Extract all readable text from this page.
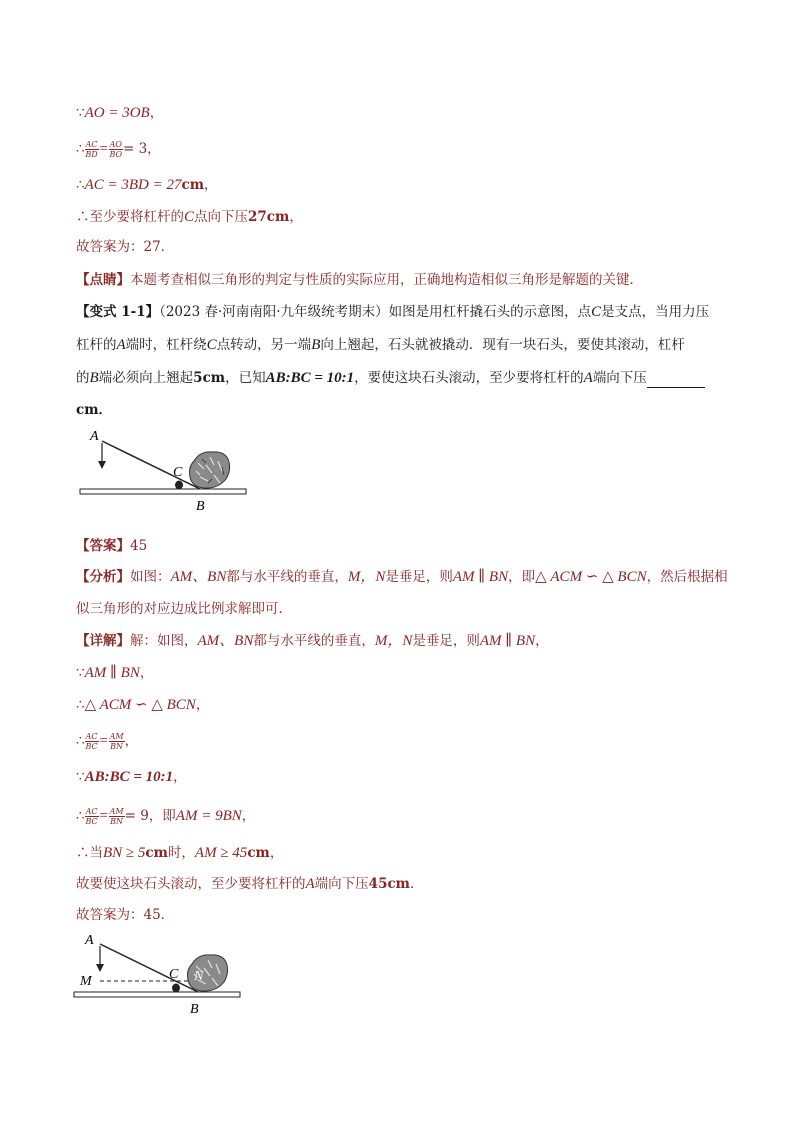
∵AO = 3OB，
∴ $\frac{AC}{BD} = \frac{AO}{BO} = 3$，
∴AC = 3BD = 27cm，
∴至少要将杠杆的C点向下压27cm，
故答案为：27．
【点睛】本题考查相似三角形的判定与性质的实际应用，正确地构造相似三角形是解题的关键．
【变式 1-1】（2023 春·河南南阳·九年级统考期末）如图是用杠杆撬石头的示意图，点C是支点，当用力压
杠杆的A端时，杠杆绕C点转动，另一端B向上翘起，石头就被撬动．现有一块石头，要使其滚动，杠杆
的B端必须向上翘起5cm，已知AB:BC = 10:1，要使这块石头滚动，至少要将杠杆的A端向下压
cm．
A
C
B
【答案】45
【分析】如图：AM、BN都与水平线的垂直，M，N是垂足，则AM ∥ BN，即△ ACM ∽ △ BCN，然后根据相
似三角形的对应边成比例求解即可．
【详解】解：如图，AM、BN都与水平线的垂直，M，N是垂足，则AM ∥ BN，
∵AM ∥ BN，
∴△ ACM ∽ △ BCN，
∴ $\frac{AC}{BC} = \frac{AM}{BN}$ ，
∵AB:BC = 10:1，
∴ $\frac{AC}{BC} = \frac{AM}{BN} = 9$，即AM = 9BN，
∴当BN ≥ 5cm时，AM ≥ 45cm，
故要使这块石头滚动，至少要将杠杆的A端向下压45cm．
故答案为：45．
A
M	C N
B
